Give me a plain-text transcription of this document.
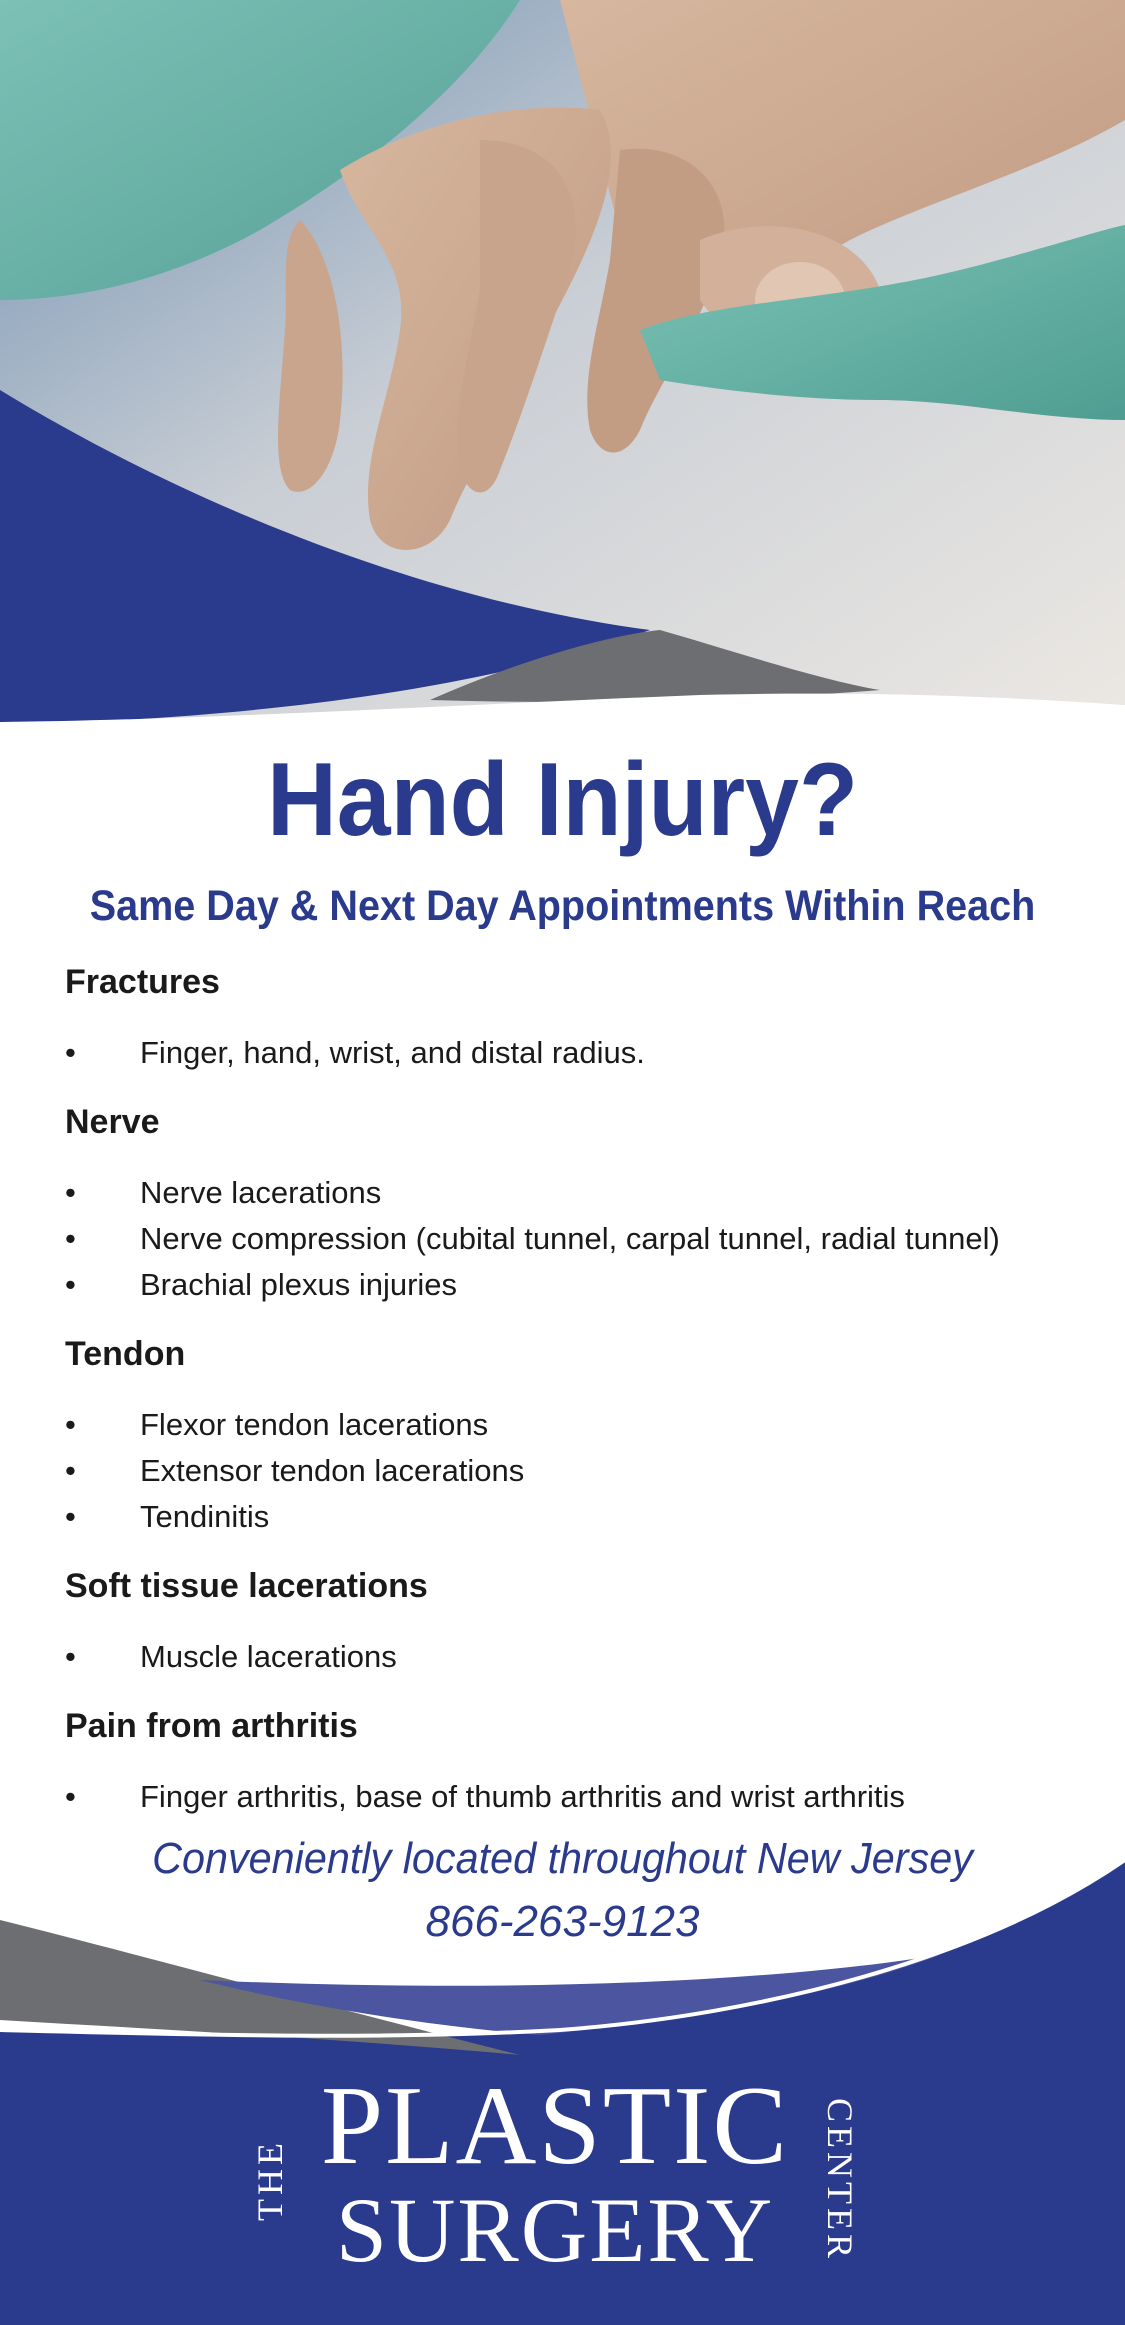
Hand Injury?
Same Day & Next Day Appointments Within Reach
Fractures
• Finger, hand, wrist, and distal radius.
Nerve
• Nerve lacerations
• Nerve compression (cubital tunnel, carpal tunnel, radial tunnel)
• Brachial plexus injuries
Tendon
• Flexor tendon lacerations
• Extensor tendon lacerations
• Tendinitis
Soft tissue lacerations
• Muscle lacerations
Pain from arthritis
• Finger arthritis, base of thumb arthritis and wrist arthritis

Conveniently located throughout New Jersey

866-263-9123

THE PLASTIC
SURGERY	CENTER
